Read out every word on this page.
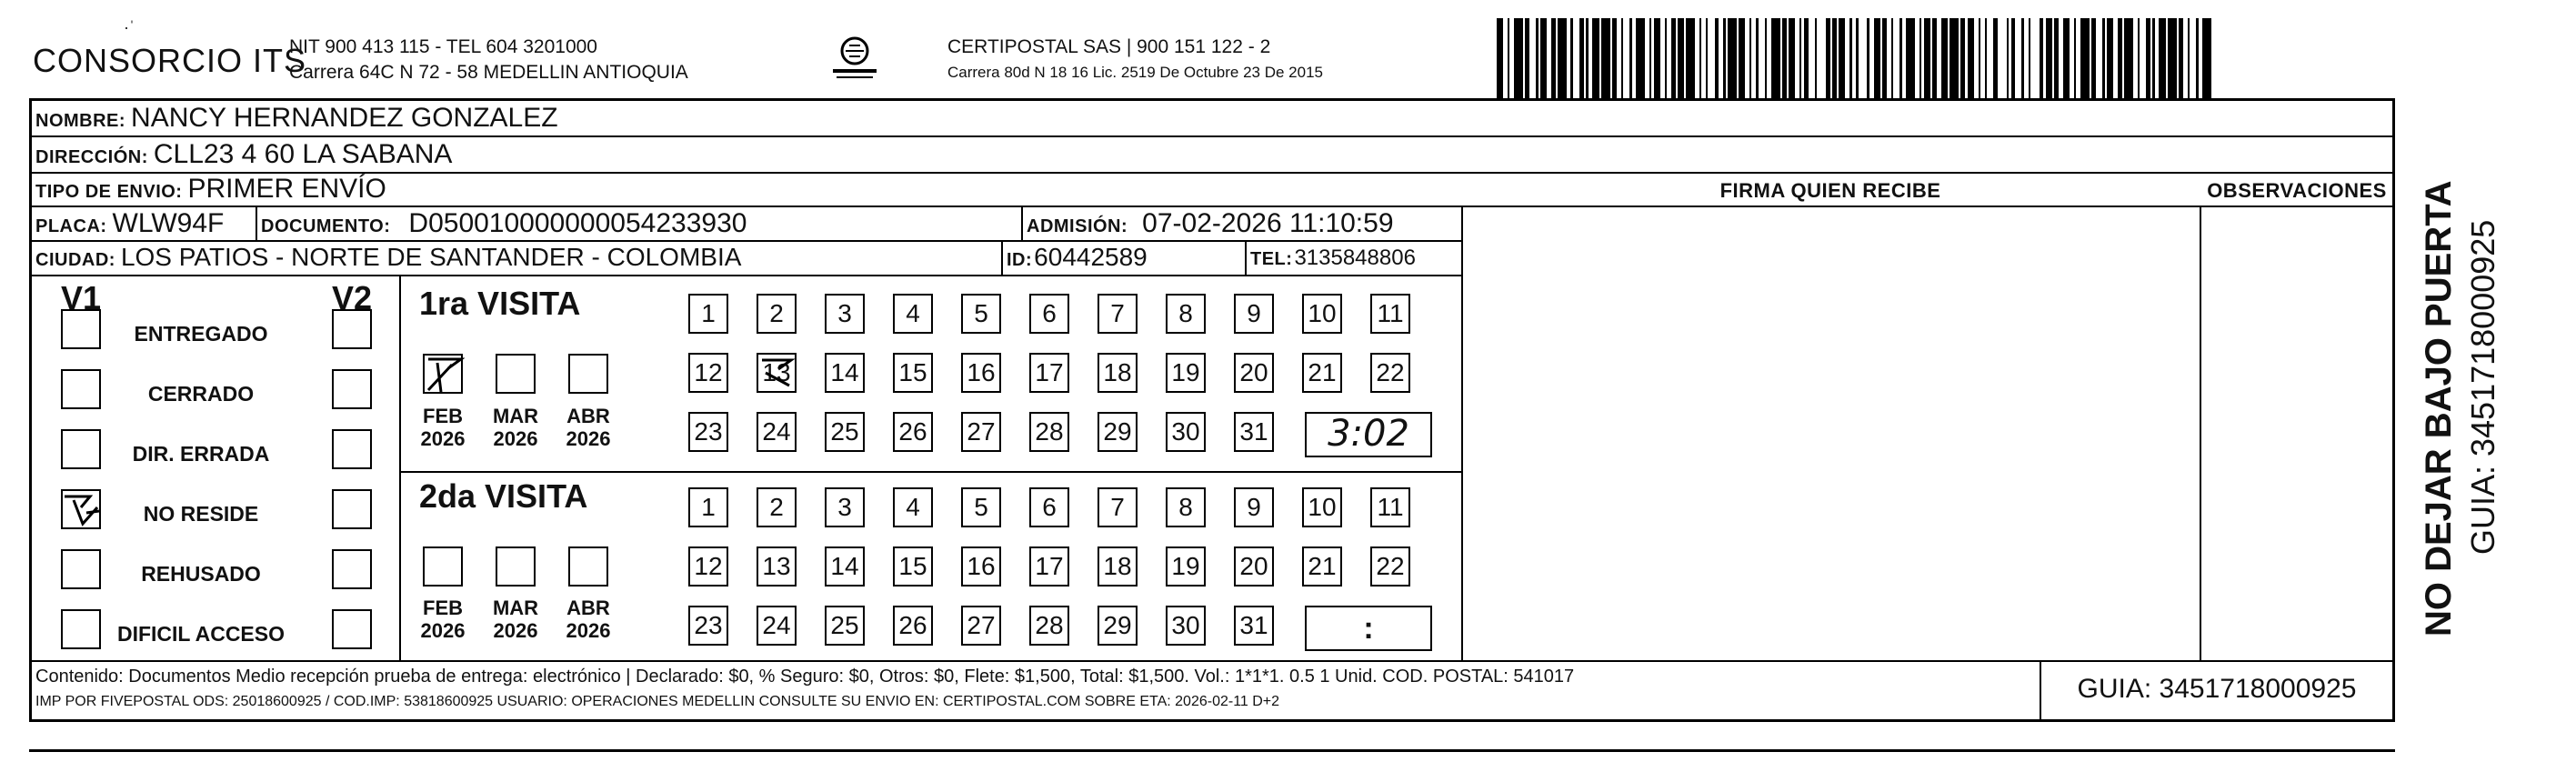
·ˈ
CONSORCIO ITS
NIT 900 413 115 - TEL 604 3201000
Carrera 64C N 72 - 58 MEDELLIN ANTIOQUIA
CERTIPOSTAL SAS | 900 151 122 - 2
Carrera 80d N 18 16 Lic. 2519 De Octubre 23 De 2015
NOMBRE: NANCY HERNANDEZ GONZALEZ
DIRECCIÓN: CLL23 4 60 LA SABANA
TIPO DE ENVIO: PRIMER ENVÍO	FIRMA QUIEN RECIBE	OBSERVACIONES
PLACA: WLW94F DOCUMENTO: D050010000000054233930	ADMISIÓN: 07-02-2026 11:10:59
CIUDAD: LOS PATIOS - NORTE DE SANTANDER - COLOMBIA	ID: 60442589	TEL: 3135848806
V1	V2
ENTREGADO
CERRADO
DIR. ERRADA
NO RESIDE
REHUSADO
DIFICIL ACCESO
1ra VISITA
FEB
2026
MAR
2026
ABR
2026
1	2	3	4	5	6	7	8	9	10 11
12 13 14 15 16 17 18 19 20 21 22
23 24 25 26 27 28 29 30 31	3:02
2da VISITA
FEB
2026
MAR
2026
ABR
2026
1	2	3	4	5	6	7	8	9	10 11
12 13 14 15 16 17 18 19 20 21 22
23 24 25 26 27 28 29 30 31	:
Contenido: Documentos Medio recepción prueba de entrega: electrónico | Declarado: $0, % Seguro: $0, Otros: $0, Flete: $1,500, Total: $1,500. Vol.: 1*1*1. 0.5 1 Unid. COD. POSTAL: 541017
IMP POR FIVEPOSTAL ODS: 25018600925 / COD.IMP: 53818600925 USUARIO: OPERACIONES MEDELLIN CONSULTE SU ENVIO EN: CERTIPOSTAL.COM SOBRE ETA: 2026-02-11 D+2	GUIA: 3451718000925
NO DEJAR BAJO PUERTA GUIA: 3451718000925
